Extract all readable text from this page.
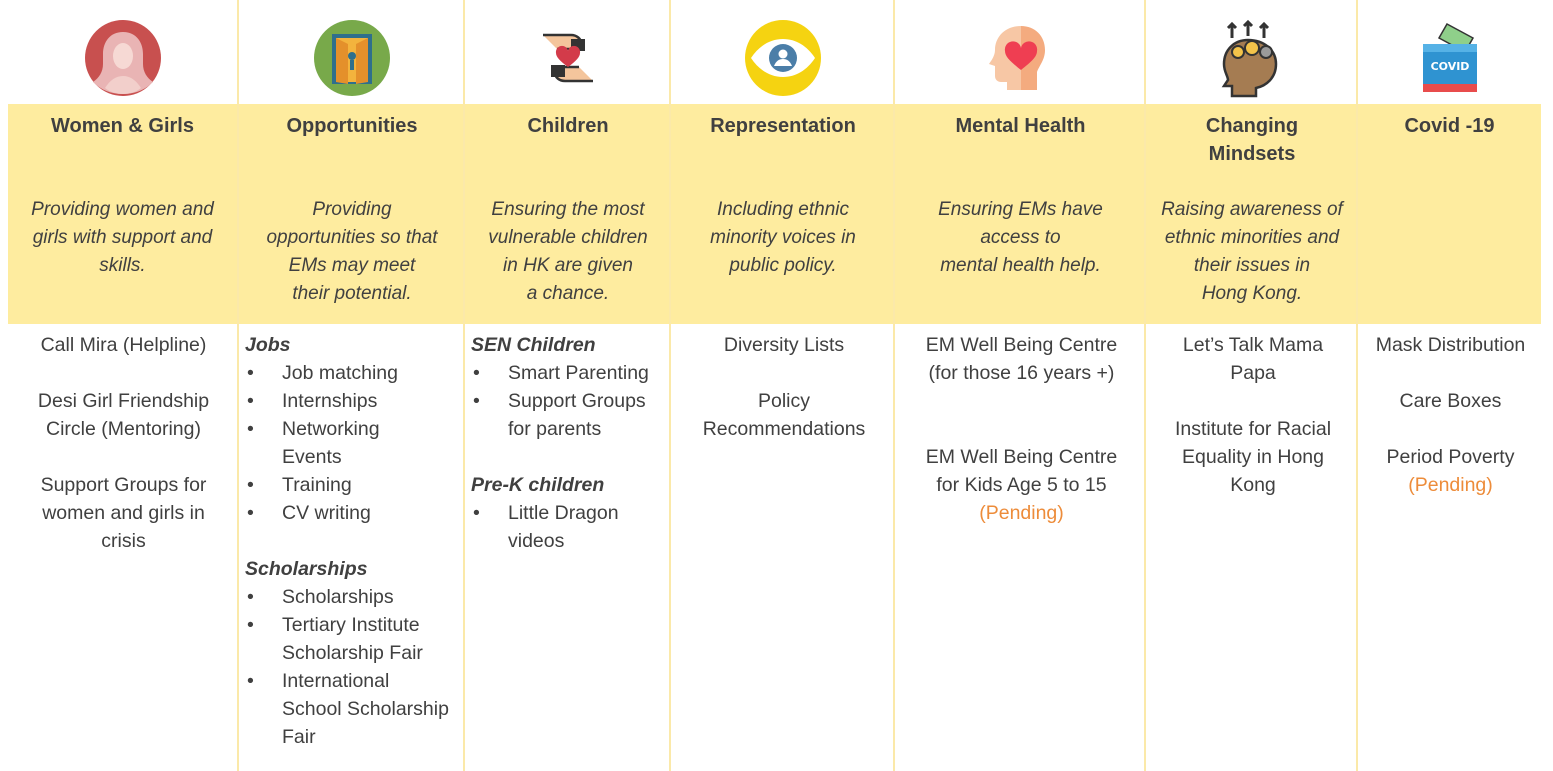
Women & Girls
Providing women and
girls with support and
skills.
Call Mira (Helpline)
Desi Girl Friendship
Circle (Mentoring)
Support Groups for
women and girls in
crisis
Opportunities
Providing
opportunities so that
EMs may meet
their potential.
Jobs
• Job matching
• Internships
• Networking
Events
• Training
• CV writing
Scholarships
• Scholarships
• Tertiary Institute
Scholarship Fair
• International
School Scholarship
Fair
Children
Ensuring the most
vulnerable children
in HK are given
a chance.
SEN Children
• Smart Parenting
• Support Groups
for parents
Pre-K children
• Little Dragon
videos
Representation
Including ethnic
minority voices in
public policy.
Diversity Lists
Policy
Recommendations
Mental Health
Ensuring EMs have
access to
mental health help.
EM Well Being Centre
(for those 16 years +)
EM Well Being Centre
for Kids Age 5 to 15
(Pending)
Changing
Mindsets
Raising awareness of
ethnic minorities and
their issues in
Hong Kong.
Let’s Talk Mama
Papa
Institute for Racial
Equality in Hong
Kong
COVID
Covid -19
Mask Distribution
Care Boxes
Period Poverty
(Pending)
